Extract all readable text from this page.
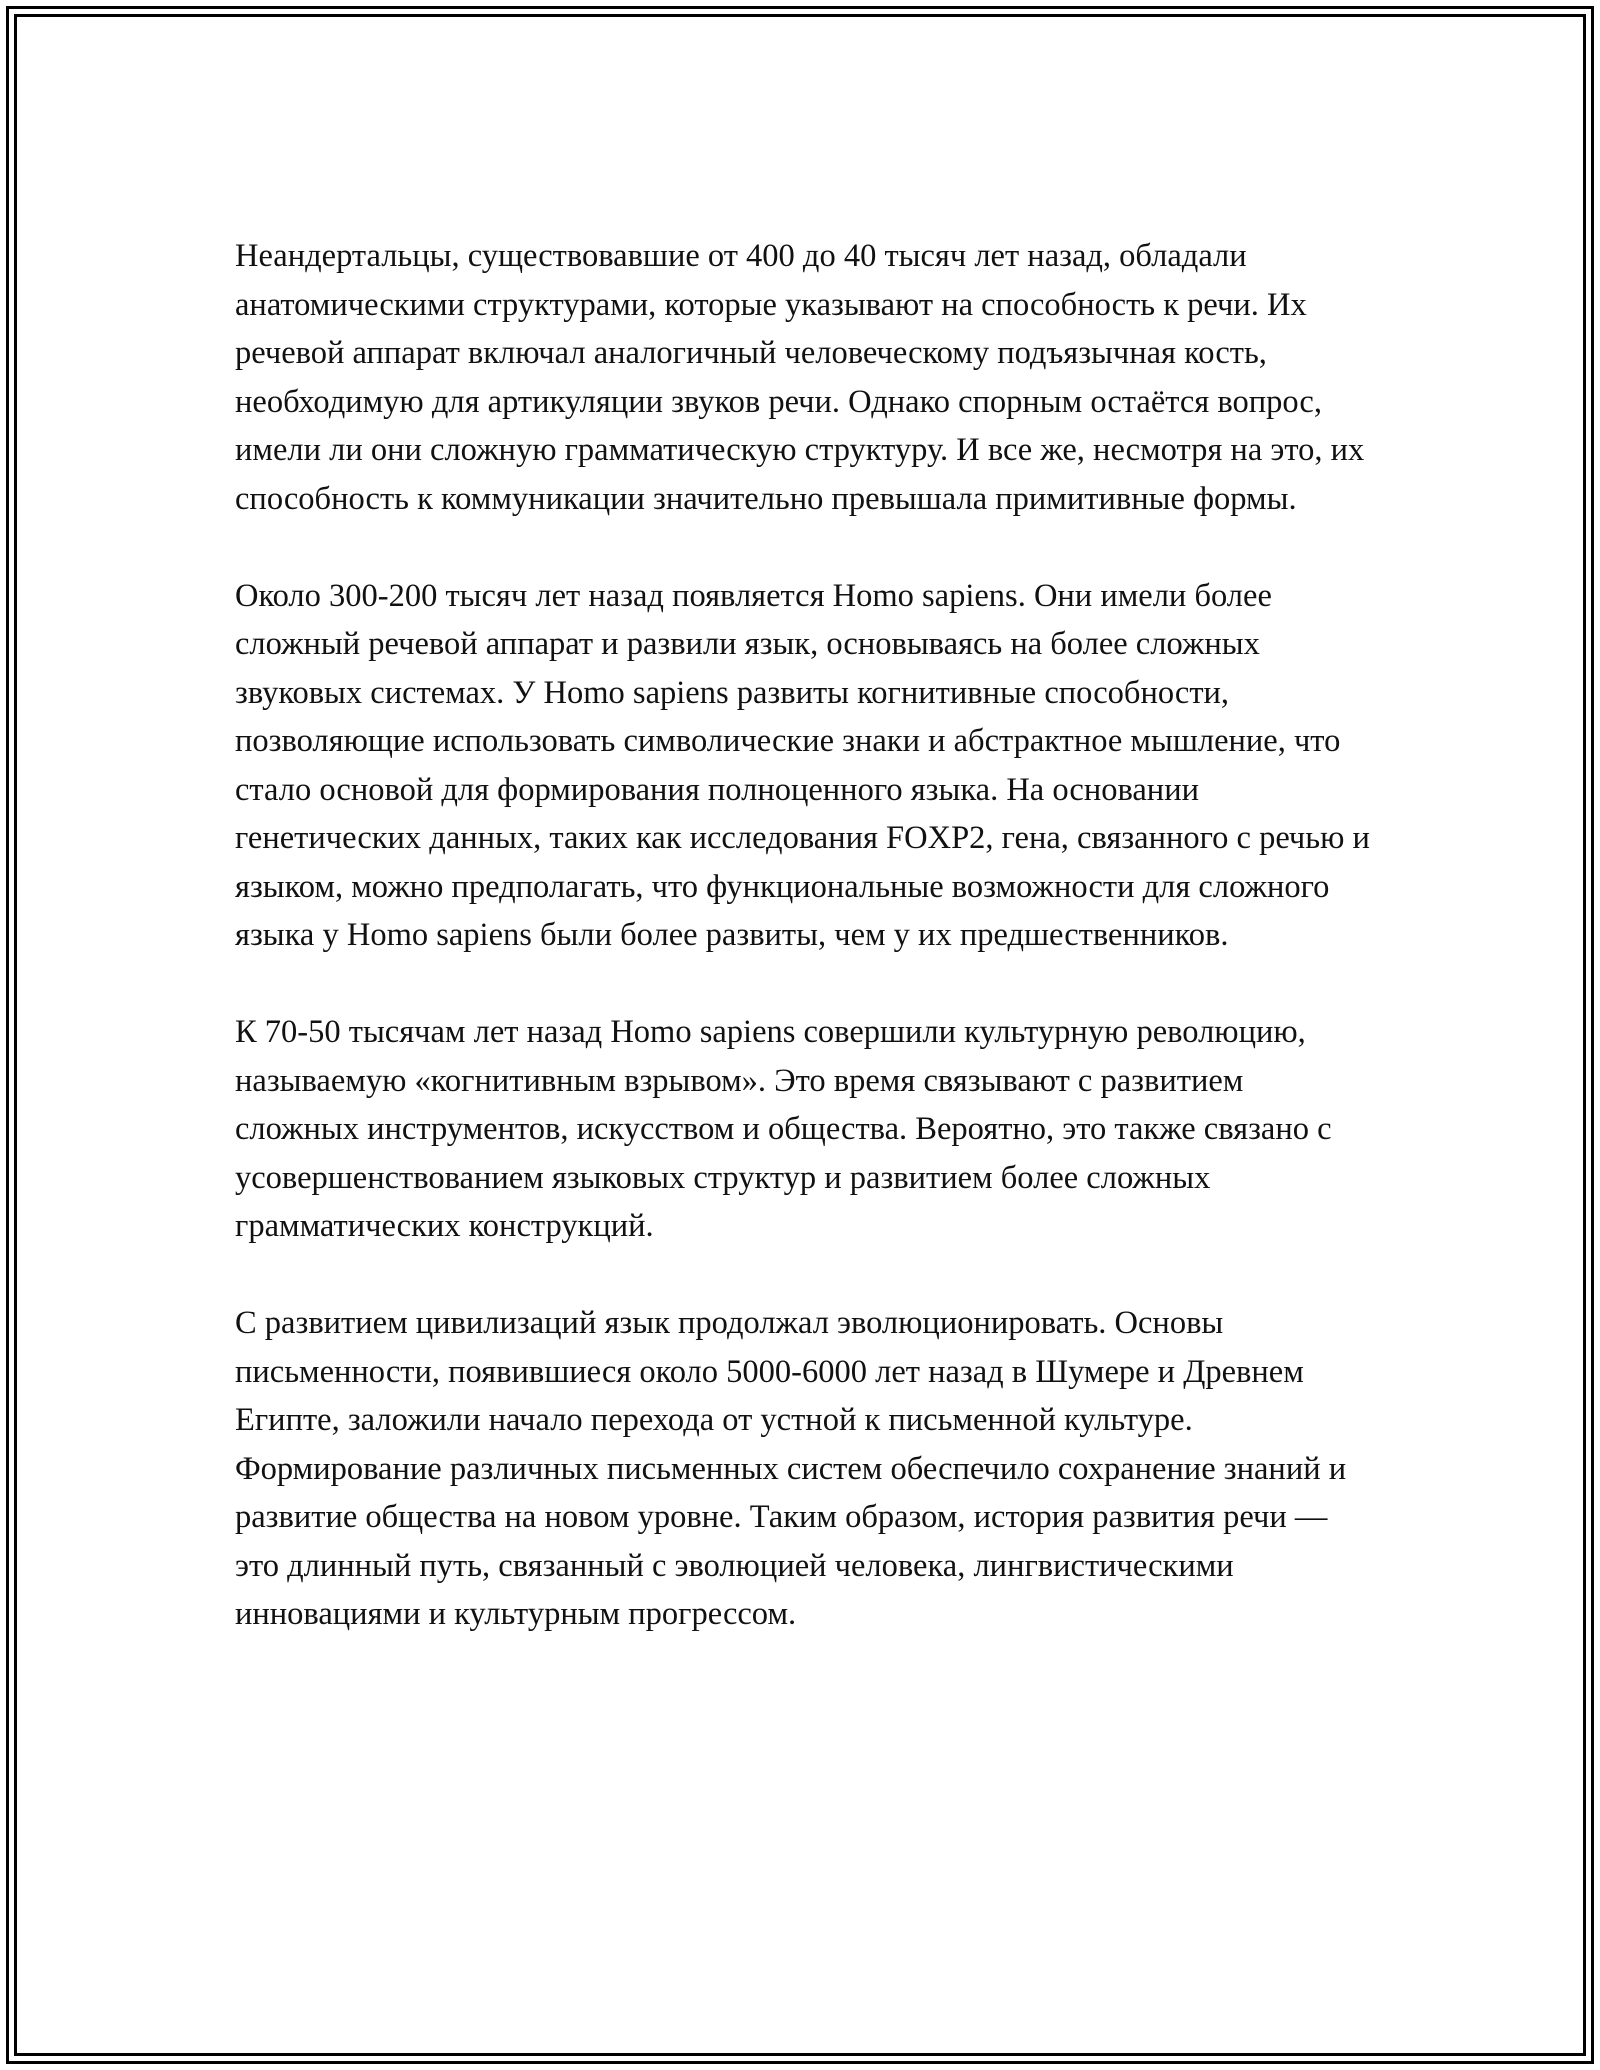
Неандертальцы, существовавшие от 400 до 40 тысяч лет назад, обладали анатомическими структурами, которые указывают на способность к речи. Их речевой аппарат включал аналогичный человеческому подъязычная кость, необходимую для артикуляции звуков речи. Однако спорным остаётся вопрос, имели ли они сложную грамматическую структуру. И все же, несмотря на это, их способность к коммуникации значительно превышала примитивные формы.

Около 300-200 тысяч лет назад появляется Homo sapiens. Они имели более сложный речевой аппарат и развили язык, основываясь на более сложных звуковых системах. У Homo sapiens развиты когнитивные способности, позволяющие использовать символические знаки и абстрактное мышление, что стало основой для формирования полноценного языка. На основании генетических данных, таких как исследования FOXP2, гена, связанного с речью и языком, можно предполагать, что функциональные возможности для сложного языка у Homo sapiens были более развиты, чем у их предшественников.

К 70-50 тысячам лет назад Homo sapiens совершили культурную революцию, называемую «когнитивным взрывом». Это время связывают с развитием сложных инструментов, искусством и общества. Вероятно, это также связано с усовершенствованием языковых структур и развитием более сложных грамматических конструкций.

С развитием цивилизаций язык продолжал эволюционировать. Основы письменности, появившиеся около 5000-6000 лет назад в Шумере и Древнем Египте, заложили начало перехода от устной к письменной культуре. Формирование различных письменных систем обеспечило сохранение знаний и развитие общества на новом уровне. Таким образом, история развития речи — это длинный путь, связанный с эволюцией человека, лингвистическими инновациями и культурным прогрессом.
